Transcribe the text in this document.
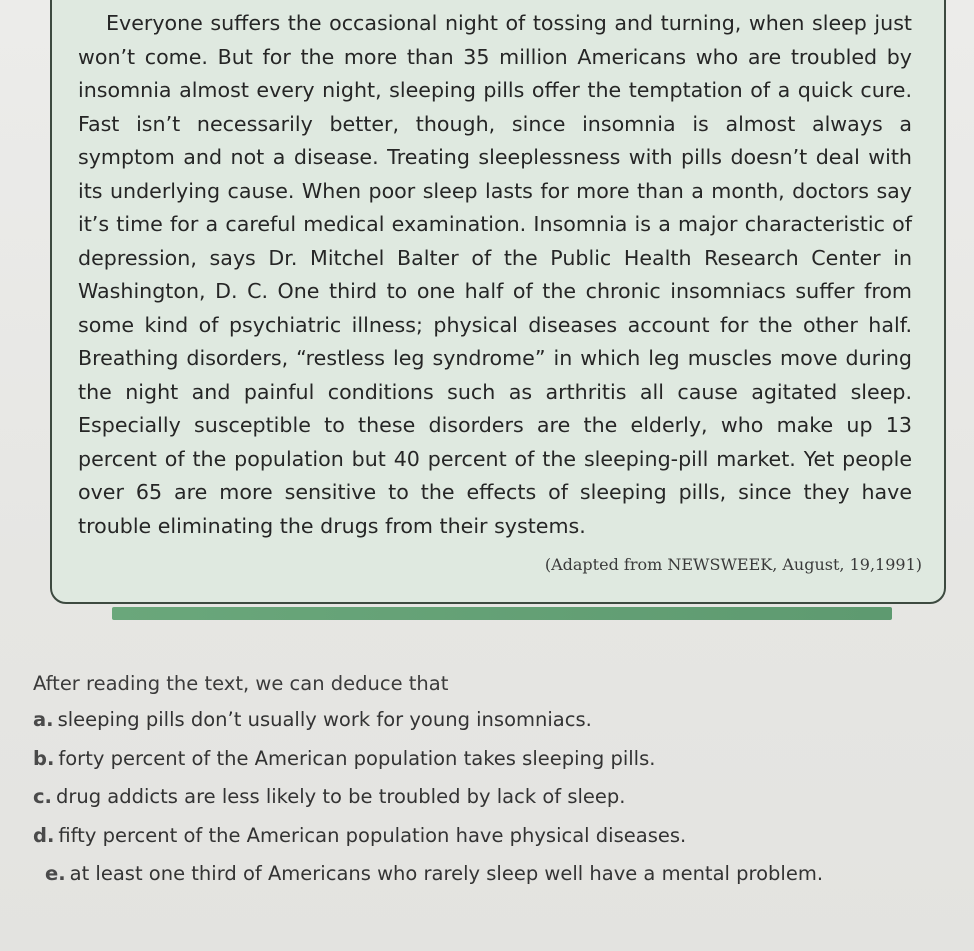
Everyone suffers the occasional night of tossing and turning, when sleep just won’t come. But for the more than 35 million Americans who are troubled by insomnia almost every night, sleeping pills offer the temptation of a quick cure. Fast isn’t necessarily better, though, since insomnia is almost always a symptom and not a disease. Treating sleeplessness with pills doesn’t deal with its underlying cause. When poor sleep lasts for more than a month, doctors say it’s time for a careful medical examination. Insomnia is a major characteristic of depression, says Dr. Mitchel Balter of the Public Health Research Center in Washington, D. C. One third to one half of the chronic insomniacs suffer from some kind of psychiatric illness; physical diseases account for the other half. Breathing disorders, “restless leg syndrome” in which leg muscles move during the night and painful conditions such as arthritis all cause agitated sleep. Especially susceptible to these disorders are the elderly, who make up 13 percent of the population but 40 percent of the sleeping-pill market. Yet people over 65 are more sensitive to the effects of sleeping pills, since they have trouble eliminating the drugs from their systems.

(Adapted from NEWSWEEK, August, 19,1991)

After reading the text, we can deduce that

a. sleeping pills don’t usually work for young insomniacs.
b. forty percent of the American population takes sleeping pills.
c. drug addicts are less likely to be troubled by lack of sleep.
d. fifty percent of the American population have physical diseases.
e. at least one third of Americans who rarely sleep well have a mental problem.
